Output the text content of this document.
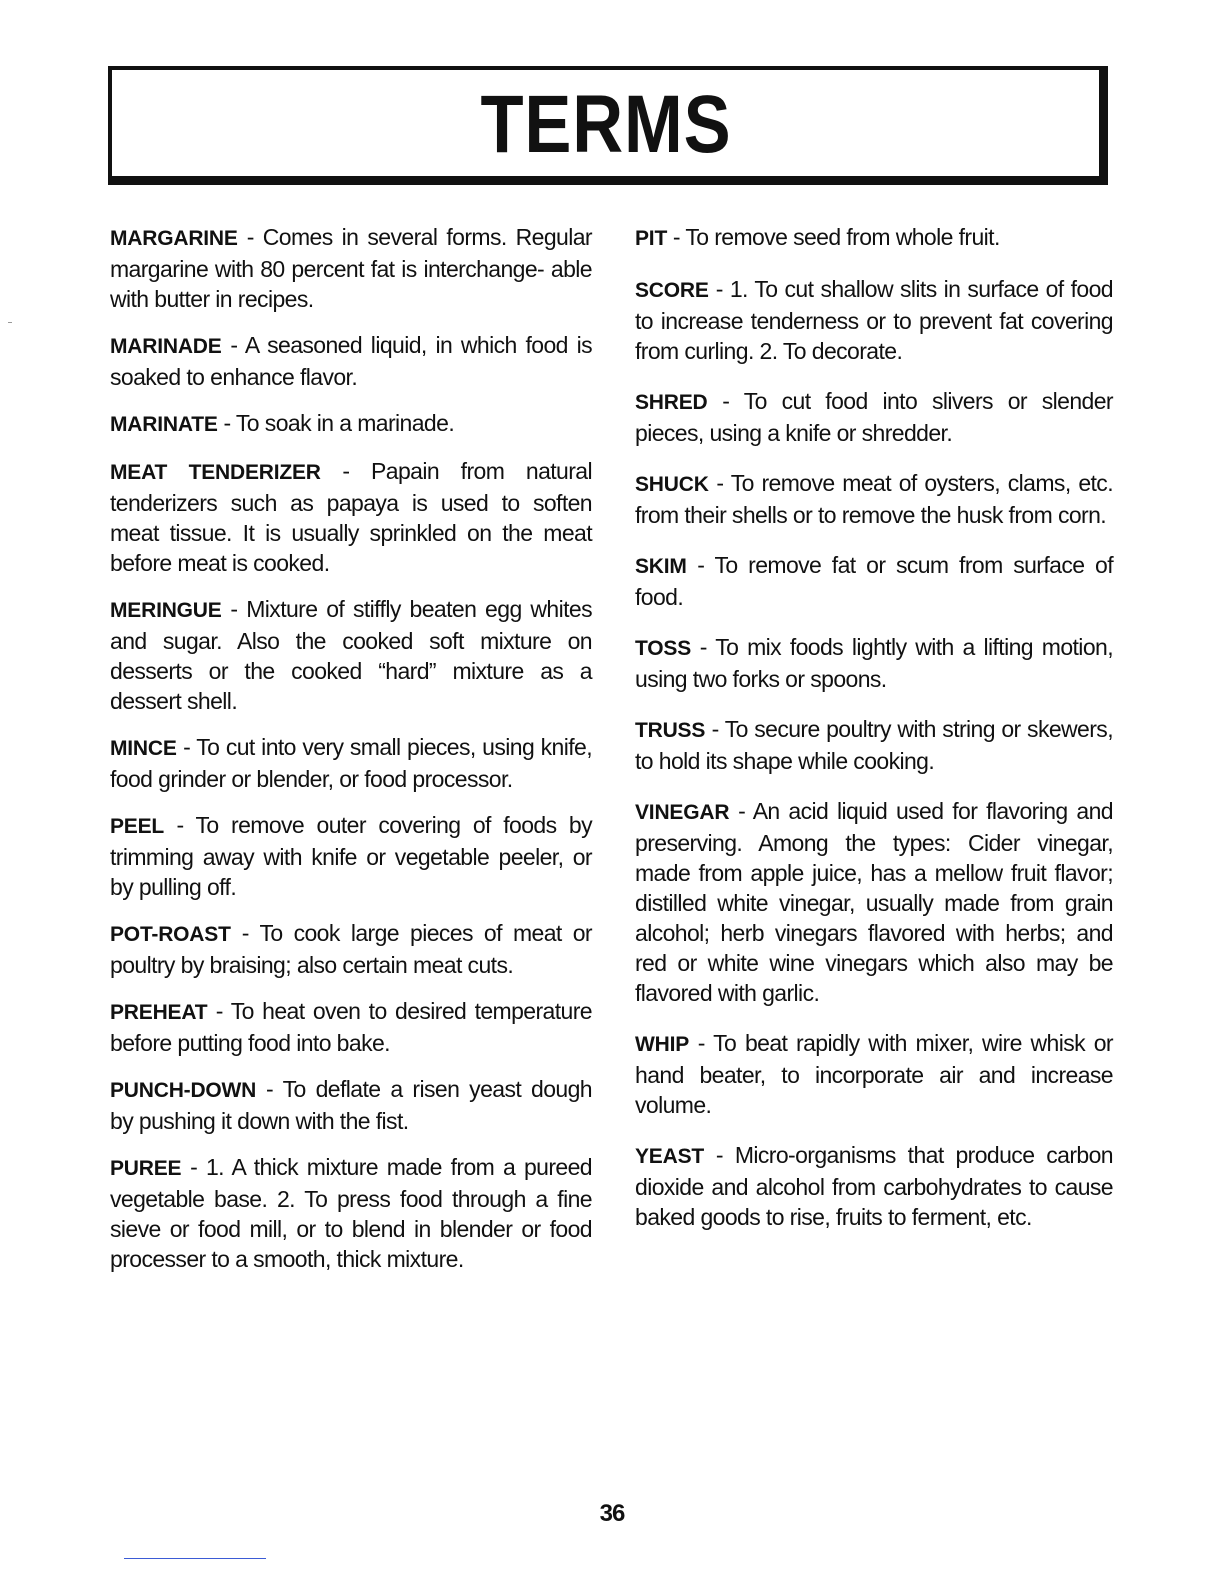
TERMS

MARGARINE - Comes in several forms. Regular margarine with 80 percent fat is interchange- able with butter in recipes.

MARINADE - A seasoned liquid, in which food is soaked to enhance flavor.

MARINATE - To soak in a marinade.

MEAT TENDERIZER - Papain from natural tenderizers such as papaya is used to soften meat tissue. It is usually sprinkled on the meat before meat is cooked.

MERINGUE - Mixture of stiffly beaten egg whites and sugar. Also the cooked soft mixture on desserts or the cooked “hard” mixture as a dessert shell.

MINCE - To cut into very small pieces, using knife, food grinder or blender, or food processor.

PEEL - To remove outer covering of foods by trimming away with knife or vegetable peeler, or by pulling off.

POT-ROAST - To cook large pieces of meat or poultry by braising; also certain meat cuts.

PREHEAT - To heat oven to desired temperature before putting food into bake.

PUNCH-DOWN - To deflate a risen yeast dough by pushing it down with the fist.

PUREE - 1. A thick mixture made from a pureed vegetable base. 2. To press food through a fine sieve or food mill, or to blend in blender or food processer to a smooth, thick mixture.

PIT - To remove seed from whole fruit.

SCORE - 1. To cut shallow slits in surface of food to increase tenderness or to prevent fat covering from curling. 2. To decorate.

SHRED - To cut food into slivers or slender pieces, using a knife or shredder.

SHUCK - To remove meat of oysters, clams, etc. from their shells or to remove the husk from corn.

SKIM - To remove fat or scum from surface of food.

TOSS - To mix foods lightly with a lifting motion, using two forks or spoons.

TRUSS - To secure poultry with string or skewers, to hold its shape while cooking.

VINEGAR - An acid liquid used for flavoring and preserving. Among the types: Cider vinegar, made from apple juice, has a mellow fruit flavor; distilled white vinegar, usually made from grain alcohol; herb vinegars flavored with herbs; and red or white wine vinegars which also may be flavored with garlic.

WHIP - To beat rapidly with mixer, wire whisk or hand beater, to incorporate air and increase volume.

YEAST - Micro-organisms that produce carbon dioxide and alcohol from carbohydrates to cause baked goods to rise, fruits to ferment, etc.

36
